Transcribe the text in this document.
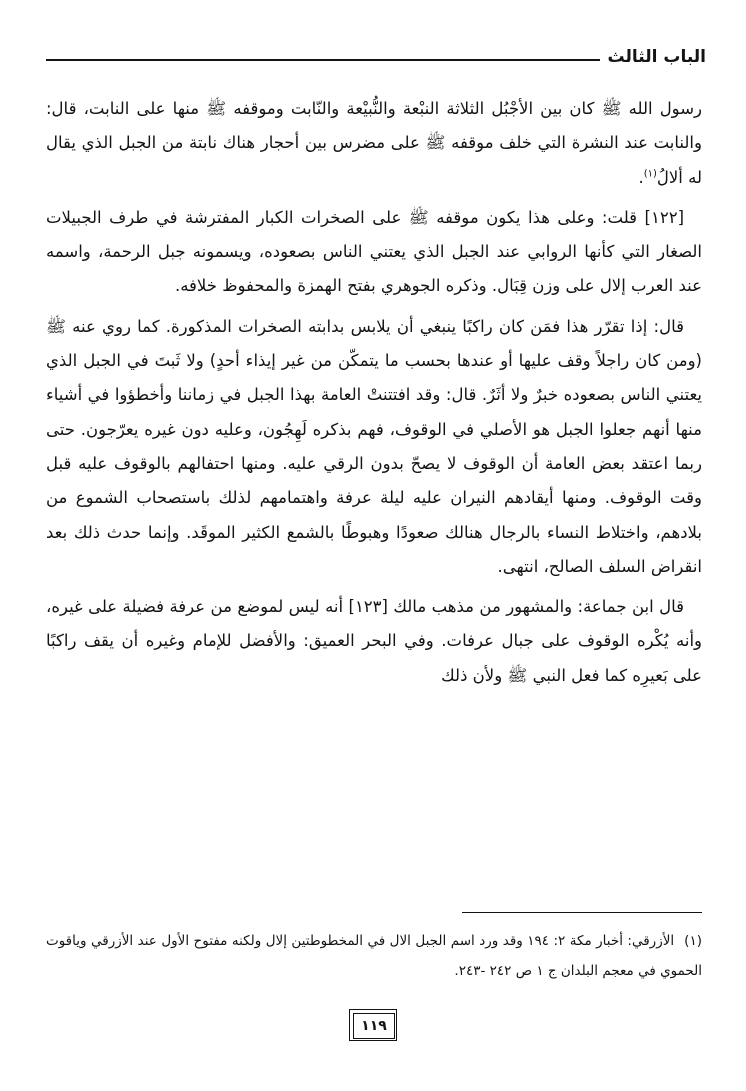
الباب الثالث

رسول الله ﷺ كان بين الأجْبُل الثلاثة النبْعة والنُّبيْعة والنّابت وموقفه ﷺ منها على النابت، قال: والنابت عند النشرة التي خلف موقفه ﷺ على مضرس بين أحجار هناك نابتة من الجبل الذي يقال له ألالُ$^{(١)}$.

[١٢٢] قلت: وعلى هذا يكون موقفه ﷺ على الصخرات الكبار المفترشة في طرف الجبيلات الصغار التي كأنها الروابي عند الجبل الذي يعتني الناس بصعوده، ويسمونه جبل الرحمة، واسمه عند العرب إلال على وزن قِبَال. وذكره الجوهري بفتح الهمزة والمحفوظ خلافه.

قال: إذا تقرّر هذا فمَن كان راكبًا ينبغي أن يلابس بدابته الصخرات المذكورة. كما روي عنه ﷺ (ومن كان راجلاً وقف عليها أو عندها بحسب ما يتمكّن من غير إيذاء أحدٍ) ولا ثَبتَ في الجبل الذي يعتني الناس بصعوده خبرٌ ولا أثَرٌ. قال: وقد افتتنتْ العامة بهذا الجبل في زماننا وأخطؤوا في أشياء منها أنهم جعلوا الجبل هو الأصلي في الوقوف، فهم بذكره لَهِجُون، وعليه دون غيره يعرّجون. حتى ربما اعتقد بعض العامة أن الوقوف لا يصحّ بدون الرقي عليه. ومنها احتفالهم بالوقوف عليه قبل وقت الوقوف. ومنها أيقادهم النيران عليه ليلة عرفة واهتمامهم لذلك باستصحاب الشموع من بلادهم، واختلاط النساء بالرجال هنالك صعودًا وهبوطًا بالشمع الكثير الموقَد. وإنما حدث ذلك بعد انقراض السلف الصالح، انتهى.

قال ابن جماعة: والمشهور من مذهب مالك [١٢٣] أنه ليس لموضع من عرفة فضيلة على غيره، وأنه يُكْره الوقوف على جبال عرفات. وفي البحر العميق: والأفضل للإمام وغيره أن يقف راكبًا على بَعيرِه كما فعل النبي ﷺ ولأن ذلك

(١)الأزرقي: أخبار مكة ٢: ١٩٤ وقد ورد اسم الجبل الال في المخطوطتين إلال ولكنه مفتوح الأول عند الأزرقي وياقوت الحموي في معجم البلدان ج ١ ص ٢٤٢ -٢٤٣.
١١٩
